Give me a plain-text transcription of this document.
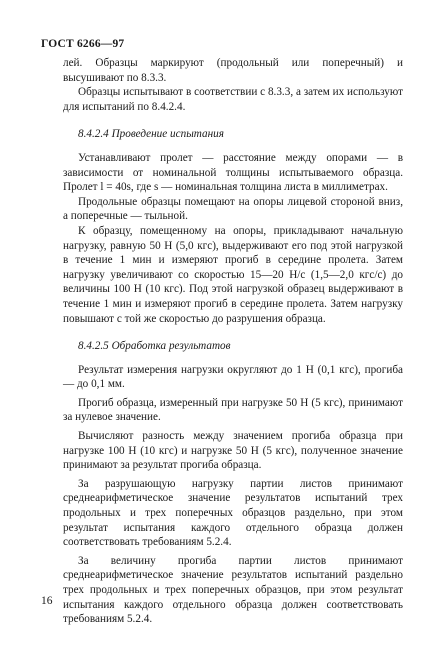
ГОСТ 6266—97

лей. Образцы маркируют (продольный или поперечный) и высушивают по 8.3.3.

Образцы испытывают в соответствии с 8.3.3, а затем их используют для испытаний по 8.4.2.4.

8.4.2.4 Проведение испытания

Устанавливают пролет — расстояние между опорами — в зависимости от номинальной толщины испытываемого образца. Пролет l = 40s, где s — номинальная толщина листа в миллиметрах.

Продольные образцы помещают на опоры лицевой стороной вниз, а поперечные — тыльной.

К образцу, помещенному на опоры, прикладывают начальную нагрузку, равную 50 Н (5,0 кгс), выдерживают его под этой нагрузкой в течение 1 мин и измеряют прогиб в середине пролета. Затем нагрузку увеличивают со скоростью 15—20 Н/с (1,5—2,0 кгс/с) до величины 100 Н (10 кгс). Под этой нагрузкой образец выдерживают в течение 1 мин и измеряют прогиб в середине пролета. Затем нагрузку повышают с той же скоростью до разрушения образца.

8.4.2.5 Обработка результатов

Результат измерения нагрузки округляют до 1 Н (0,1 кгс), прогиба — до 0,1 мм.

Прогиб образца, измеренный при нагрузке 50 Н (5 кгс), принимают за нулевое значение.

Вычисляют разность между значением прогиба образца при нагрузке 100 Н (10 кгс) и нагрузке 50 Н (5 кгс), полученное значение принимают за результат прогиба образца.

За разрушающую нагрузку партии листов принимают среднеарифметическое значение результатов испытаний трех продольных и трех поперечных образцов раздельно, при этом результат испытания каждого отдельного образца должен соответствовать требованиям 5.2.4.

За величину прогиба партии листов принимают среднеарифметическое значение результатов испытаний раздельно трех продольных и трех поперечных образцов, при этом результат испытания каждого отдельного образца должен соответствовать требованиям 5.2.4.

16
